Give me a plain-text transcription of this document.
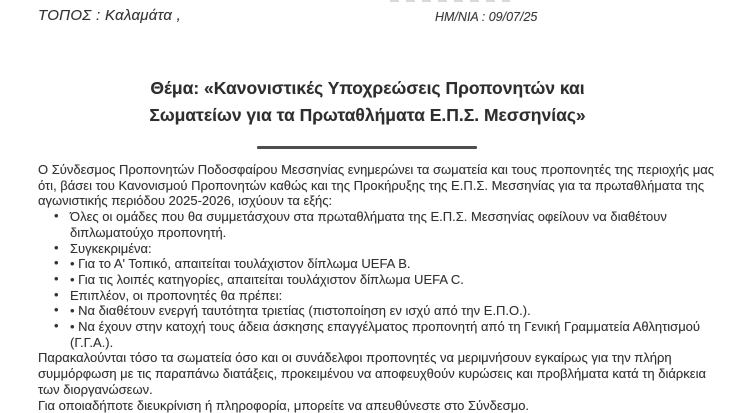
ΤΟΠΟΣ : Καλαμάτα ,	ΗΜ/ΝΙΑ : 09/07/25
Θέμα: «Κανονιστικές Υποχρεώσεις Προπονητών και
Σωματείων για τα Πρωταθλήματα Ε.Π.Σ. Μεσσηνίας»

Ο Σύνδεσμος Προπονητών Ποδοσφαίρου Μεσσηνίας ενημερώνει τα σωματεία και τους προπονητές της περιοχής μας ότι, βάσει του Κανονισμού Προπονητών καθώς και της Προκήρυξης της Ε.Π.Σ. Μεσσηνίας για τα πρωταθλήματα της αγωνιστικής περιόδου 2025-2026, ισχύουν τα εξής:

• Όλες οι ομάδες που θα συμμετάσχουν στα πρωταθλήματα της Ε.Π.Σ. Μεσσηνίας οφείλουν να διαθέτουν διπλωματούχο προπονητή.
• Συγκεκριμένα:
• • Για το Α' Τοπικό, απαιτείται τουλάχιστον δίπλωμα UEFA B.
• • Για τις λοιπές κατηγορίες, απαιτείται τουλάχιστον δίπλωμα UEFA C.
• Επιπλέον, οι προπονητές θα πρέπει:
• • Να διαθέτουν ενεργή ταυτότητα τριετίας (πιστοποίηση εν ισχύ από την Ε.Π.Ο.).
• • Να έχουν στην κατοχή τους άδεια άσκησης επαγγέλματος προπονητή από τη Γενική Γραμματεία Αθλητισμού (Γ.Γ.Α.).

Παρακαλούνται τόσο τα σωματεία όσο και οι συνάδελφοι προπονητές να μεριμνήσουν εγκαίρως για την πλήρη συμμόρφωση με τις παραπάνω διατάξεις, προκειμένου να αποφευχθούν κυρώσεις και προβλήματα κατά τη διάρκεια των διοργανώσεων.

Για οποιαδήποτε διευκρίνιση ή πληροφορία, μπορείτε να απευθύνεστε στο Σύνδεσμο.
